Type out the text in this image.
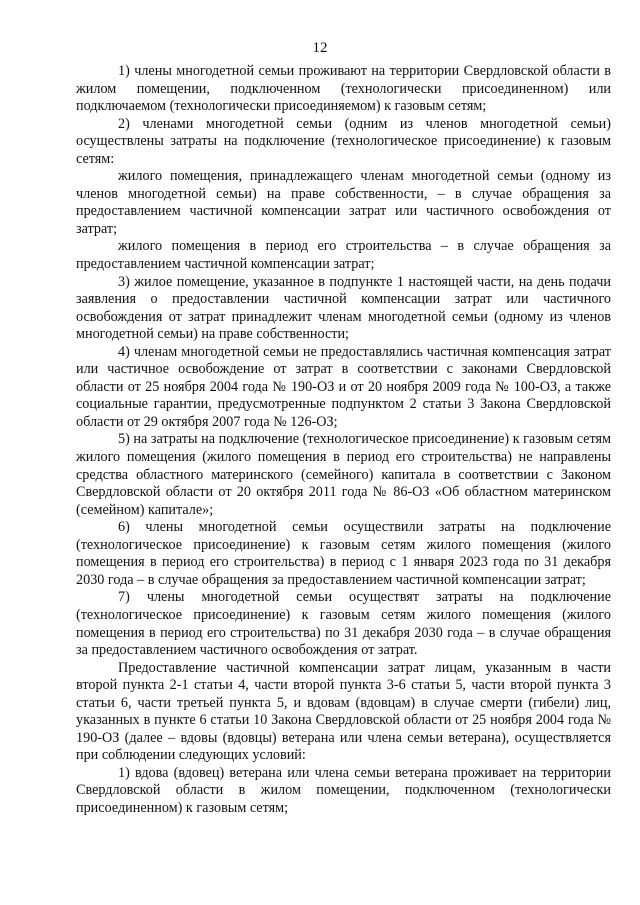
12

1) члены многодетной семьи проживают на территории Свердловской области в жилом помещении, подключенном (технологически присоединенном) или подключаемом (технологически присоединяемом) к газовым сетям;

2) членами многодетной семьи (одним из членов многодетной семьи) осуществлены затраты на подключение (технологическое присоединение) к газовым сетям:

жилого помещения, принадлежащего членам многодетной семьи (одному из членов многодетной семьи) на праве собственности, – в случае обращения за предоставлением частичной компенсации затрат или частичного освобождения от затрат;

жилого помещения в период его строительства – в случае обращения за предоставлением частичной компенсации затрат;

3) жилое помещение, указанное в подпункте 1 настоящей части, на день подачи заявления о предоставлении частичной компенсации затрат или частичного освобождения от затрат принадлежит членам многодетной семьи (одному из членов многодетной семьи) на праве собственности;

4) членам многодетной семьи не предоставлялись частичная компенсация затрат или частичное освобождение от затрат в соответствии с законами Свердловской области от 25 ноября 2004 года № 190-ОЗ и от 20 ноября 2009 года № 100-ОЗ, а также социальные гарантии, предусмотренные подпунктом 2 статьи 3 Закона Свердловской области от 29 октября 2007 года № 126-ОЗ;

5) на затраты на подключение (технологическое присоединение) к газовым сетям жилого помещения (жилого помещения в период его строительства) не направлены средства областного материнского (семейного) капитала в соответствии с Законом Свердловской области от 20 октября 2011 года № 86-ОЗ «Об областном материнском (семейном) капитале»;

6) члены многодетной семьи осуществили затраты на подключение (технологическое присоединение) к газовым сетям жилого помещения (жилого помещения в период его строительства) в период с 1 января 2023 года по 31 декабря 2030 года – в случае обращения за предоставлением частичной компенсации затрат;

7) члены многодетной семьи осуществят затраты на подключение (технологическое присоединение) к газовым сетям жилого помещения (жилого помещения в период его строительства) по 31 декабря 2030 года – в случае обращения за предоставлением частичного освобождения от затрат.

Предоставление частичной компенсации затрат лицам, указанным в части второй пункта 2-1 статьи 4, части второй пункта 3-6 статьи 5, части второй пункта 3 статьи 6, части третьей пункта 5, и вдовам (вдовцам) в случае смерти (гибели) лиц, указанных в пункте 6 статьи 10 Закона Свердловской области от 25 ноября 2004 года № 190-ОЗ (далее – вдовы (вдовцы) ветерана или члена семьи ветерана), осуществляется при соблюдении следующих условий:

1) вдова (вдовец) ветерана или члена семьи ветерана проживает на территории Свердловской области в жилом помещении, подключенном (технологически присоединенном) к газовым сетям;
